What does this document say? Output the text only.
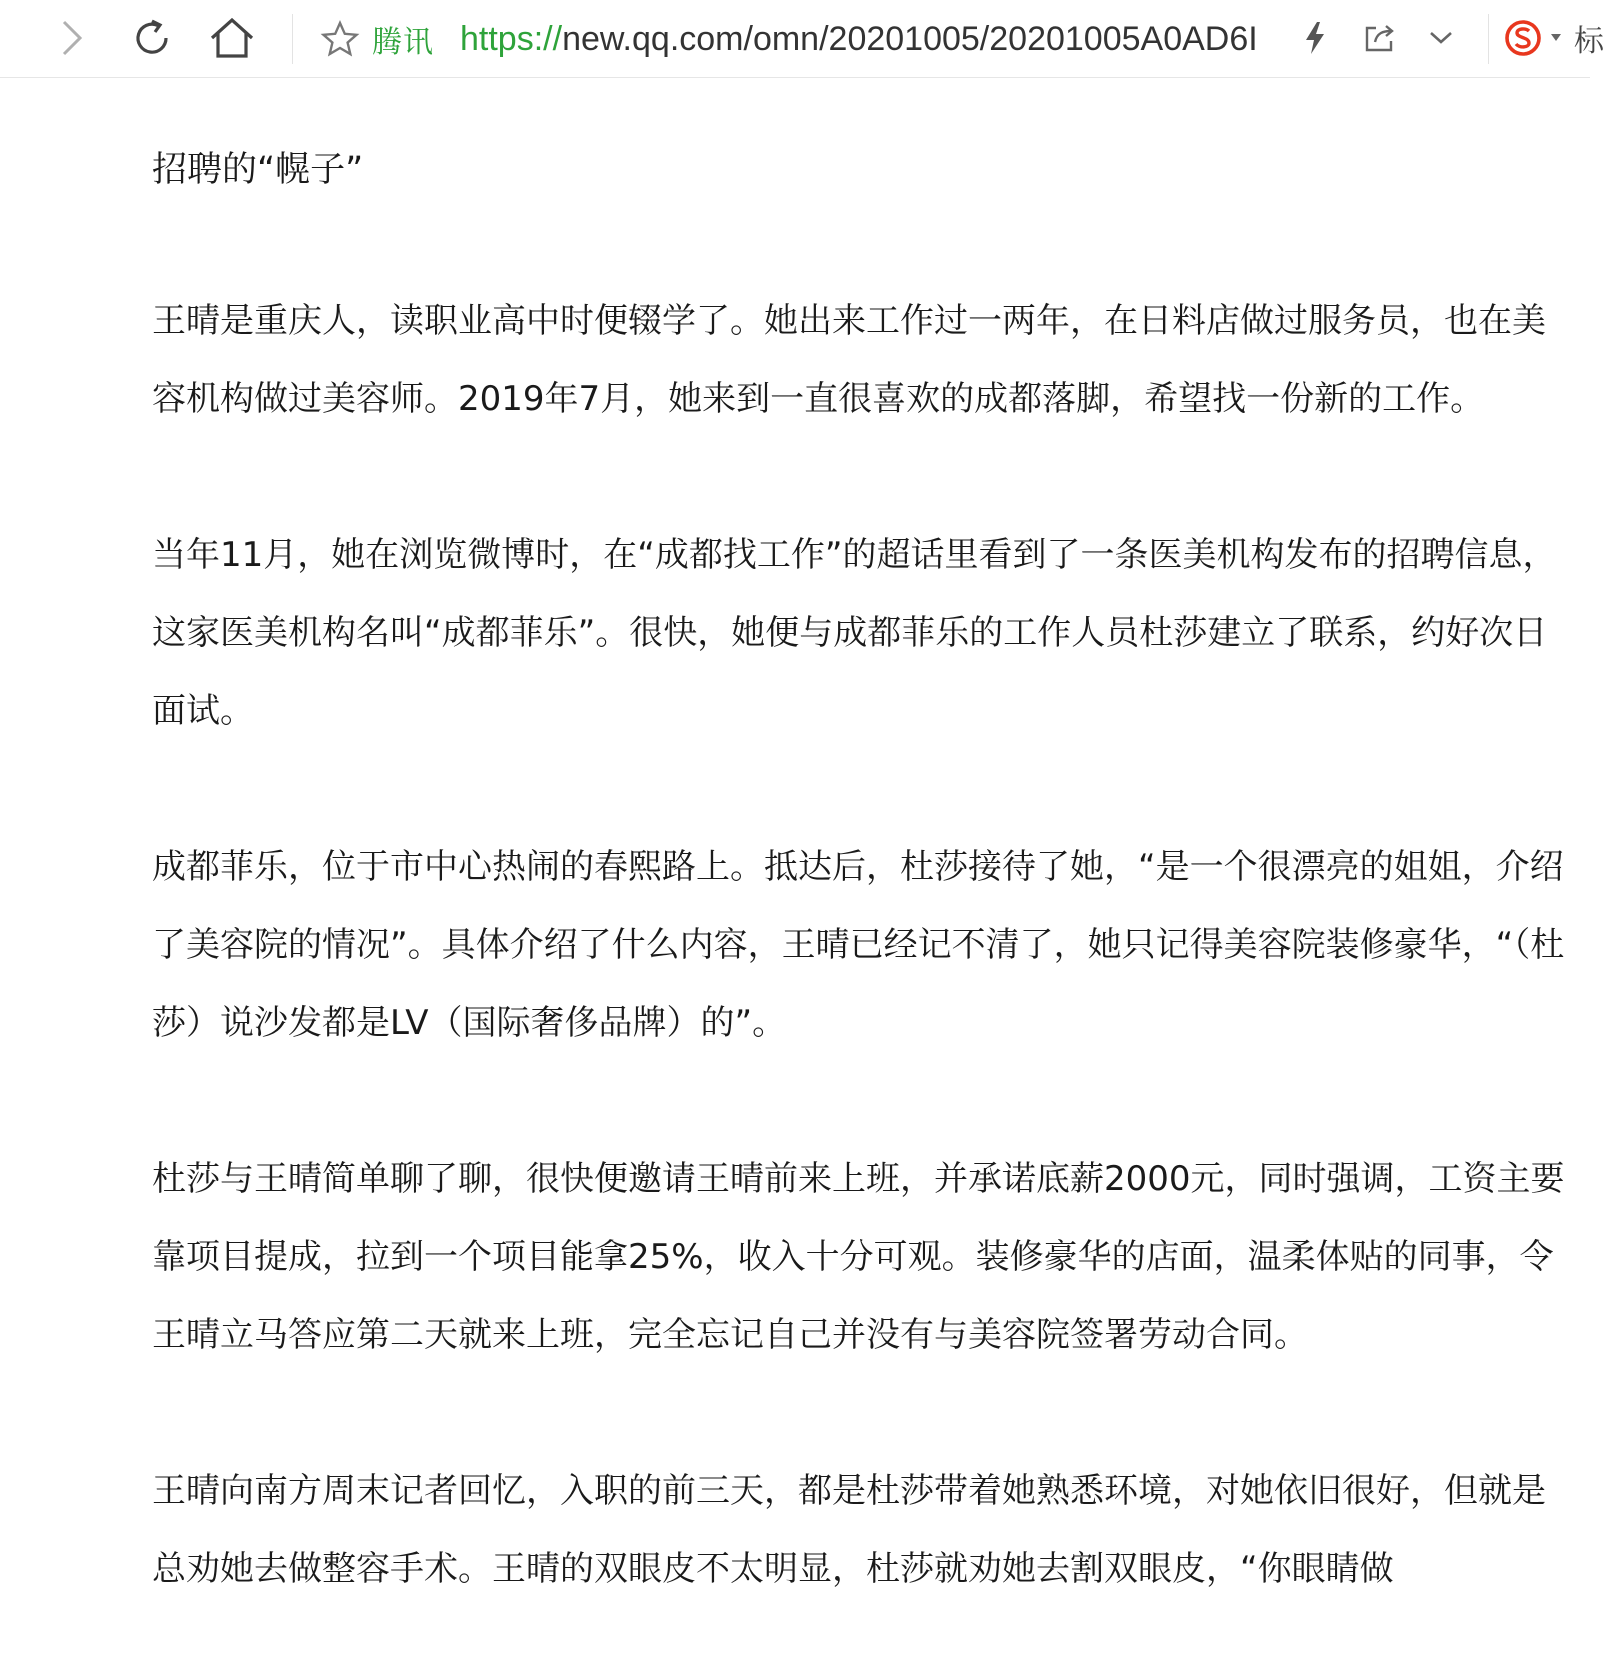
腾讯 https://new.qq.com/omn/20201005/20201005A0AD6I	标
招聘的“幌子”

王晴是重庆人，读职业高中时便辍学了。她出来工作过一两年，在日料店做过服务员，也在美容机构做过美容师。2019年7月，她来到一直很喜欢的成都落脚，希望找一份新的工作。

当年11月，她在浏览微博时，在“成都找工作”的超话里看到了一条医美机构发布的招聘信息，这家医美机构名叫“成都菲乐”。很快，她便与成都菲乐的工作人员杜莎建立了联系，约好次日面试。

成都菲乐，位于市中心热闹的春熙路上。抵达后，杜莎接待了她，“是一个很漂亮的姐姐，介绍了美容院的情况”。具体介绍了什么内容，王晴已经记不清了，她只记得美容院装修豪华，“（杜莎）说沙发都是LV（国际奢侈品牌）的”。

杜莎与王晴简单聊了聊，很快便邀请王晴前来上班，并承诺底薪2000元，同时强调，工资主要靠项目提成，拉到一个项目能拿25%，收入十分可观。装修豪华的店面，温柔体贴的同事，令王晴立马答应第二天就来上班，完全忘记自己并没有与美容院签署劳动合同。

王晴向南方周末记者回忆，入职的前三天，都是杜莎带着她熟悉环境，对她依旧很好，但就是总劝她去做整容手术。王晴的双眼皮不太明显，杜莎就劝她去割双眼皮，“你眼睛做
